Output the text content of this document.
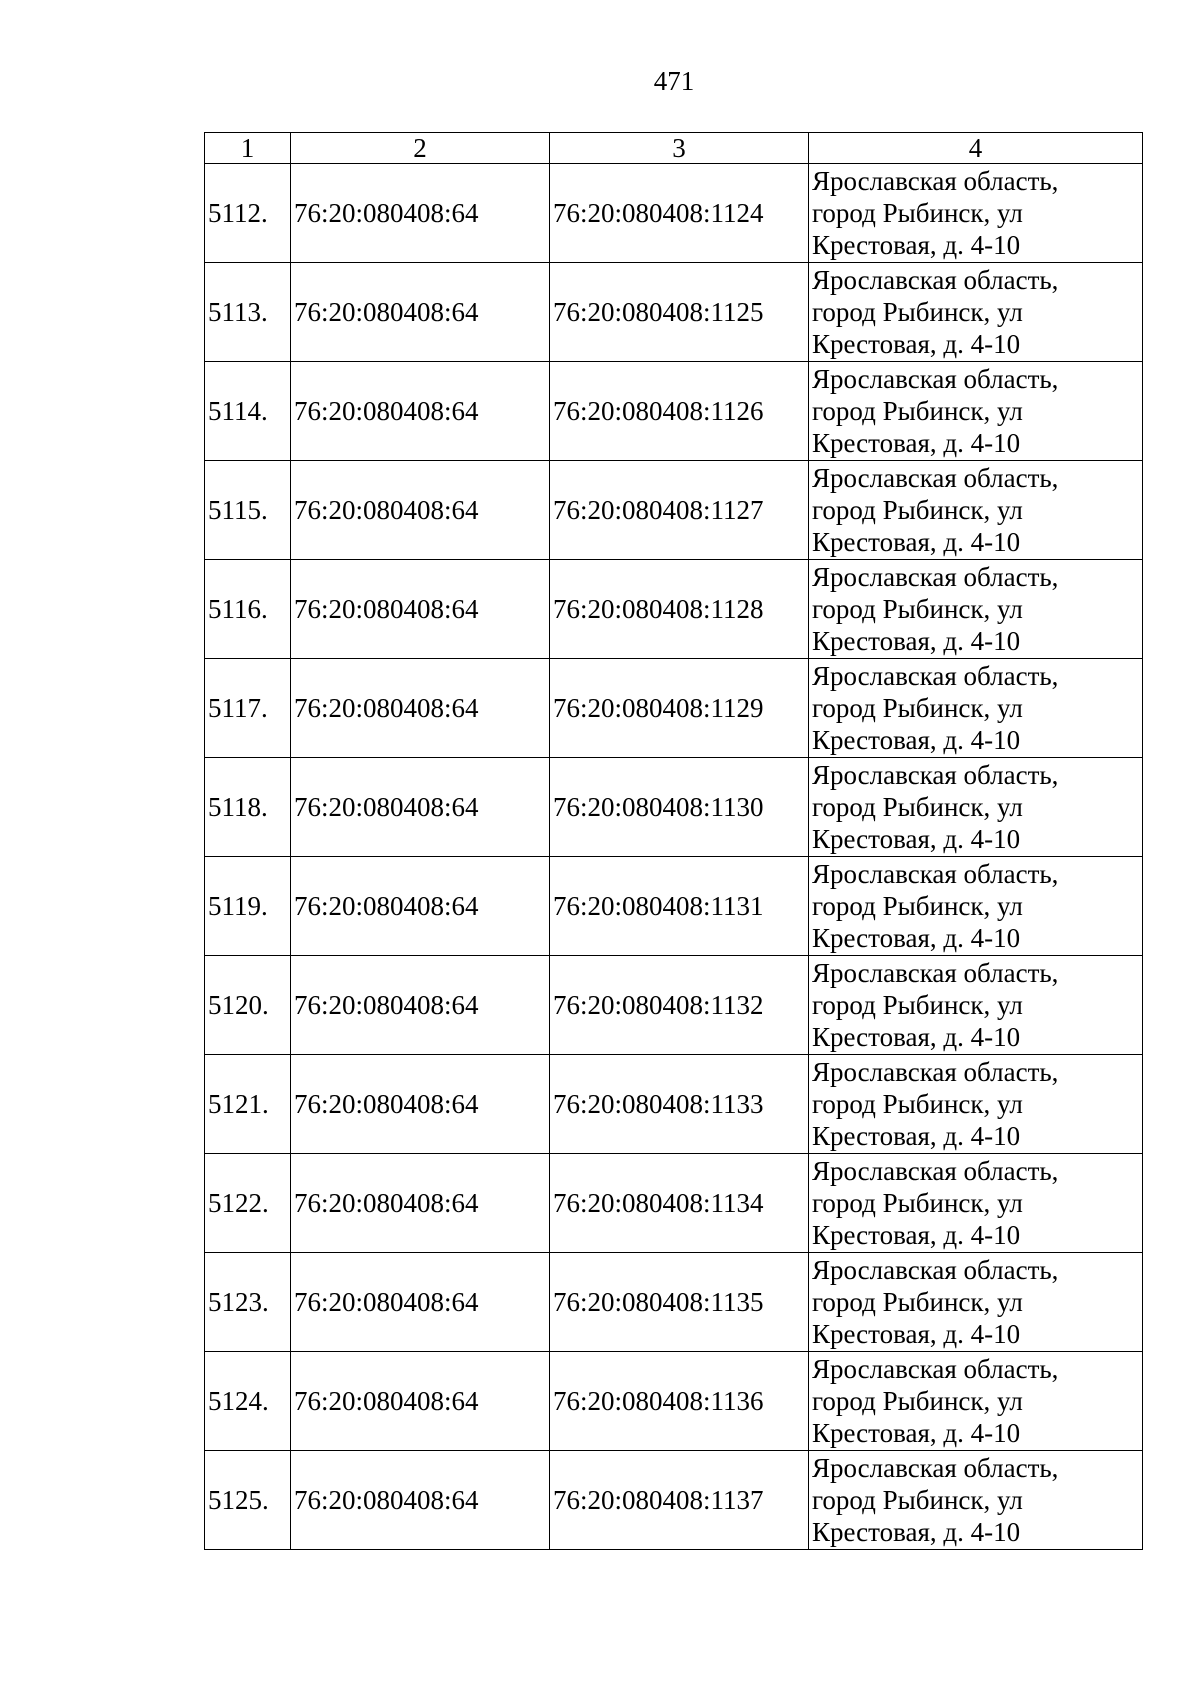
471
1	2	3	4
5112.	76:20:080408:64	76:20:080408:1124	Ярославская область,
город Рыбинск, ул
Крестовая, д. 4-10

5113.	76:20:080408:64	76:20:080408:1125	Ярославская область,
город Рыбинск, ул
Крестовая, д. 4-10

5114.	76:20:080408:64	76:20:080408:1126	Ярославская область,
город Рыбинск, ул
Крестовая, д. 4-10

5115.	76:20:080408:64	76:20:080408:1127	Ярославская область,
город Рыбинск, ул
Крестовая, д. 4-10

5116.	76:20:080408:64	76:20:080408:1128	Ярославская область,
город Рыбинск, ул
Крестовая, д. 4-10

5117.	76:20:080408:64	76:20:080408:1129	Ярославская область,
город Рыбинск, ул
Крестовая, д. 4-10

5118.	76:20:080408:64	76:20:080408:1130	Ярославская область,
город Рыбинск, ул
Крестовая, д. 4-10

5119.	76:20:080408:64	76:20:080408:1131	Ярославская область,
город Рыбинск, ул
Крестовая, д. 4-10

5120.	76:20:080408:64	76:20:080408:1132	Ярославская область,
город Рыбинск, ул
Крестовая, д. 4-10

5121.	76:20:080408:64	76:20:080408:1133	Ярославская область,
город Рыбинск, ул
Крестовая, д. 4-10

5122.	76:20:080408:64	76:20:080408:1134	Ярославская область,
город Рыбинск, ул
Крестовая, д. 4-10

5123.	76:20:080408:64	76:20:080408:1135	Ярославская область,
город Рыбинск, ул
Крестовая, д. 4-10

5124.	76:20:080408:64	76:20:080408:1136	Ярославская область,
город Рыбинск, ул
Крестовая, д. 4-10

5125.	76:20:080408:64	76:20:080408:1137	Ярославская область,
город Рыбинск, ул
Крестовая, д. 4-10
